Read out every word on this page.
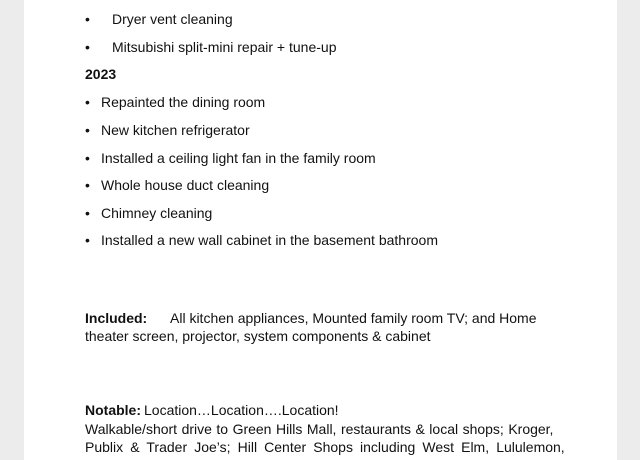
• Dryer vent cleaning
• Mitsubishi split-mini repair + tune-up
2023
• Repainted the dining room
• New kitchen refrigerator
• Installed a ceiling light fan in the family room
• Whole house duct cleaning
• Chimney cleaning
• Installed a new wall cabinet in the basement bathroom
Included: All kitchen appliances, Mounted family room TV; and Home
theater screen, projector, system components & cabinet
Notable: Location…Location….Location!
Walkable/short drive to Green Hills Mall, restaurants & local shops; Kroger,
Publix & Trader Joe’s; Hill Center Shops including West Elm, Lululemon,
